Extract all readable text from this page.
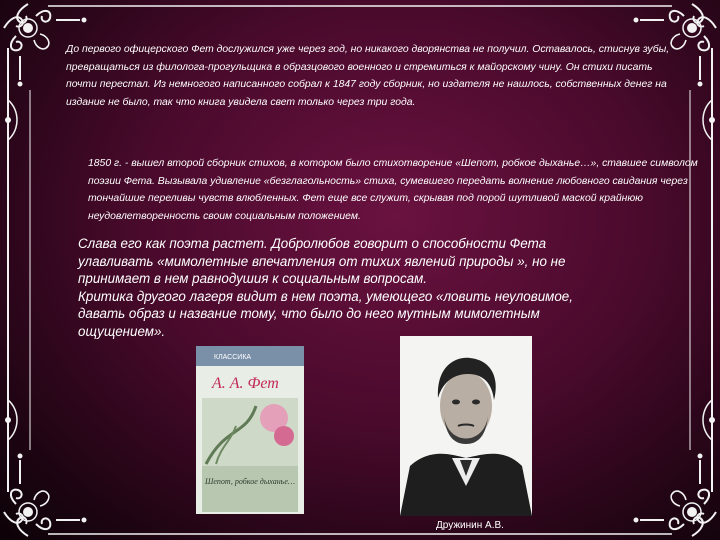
До первого офицерского Фет дослужился уже через год, но никакого дворянства не получил. Оставалось, стиснув зубы, превращаться из филолога-прогульщика в образцового военного и стремиться к майорскому чину. Он стихи писать почти перестал. Из немногого написанного собрал к 1847 году сборник, но издателя не нашлось, собственных денег на издание не было, так что книга увидела свет только через три года.
1850 г. - вышел второй сборник стихов, в котором было стихотворение «Шепот, робкое дыханье…», ставшее символом поэзии Фета. Вызывала удивление «безглагольность» стиха, сумевшего передать волнение любовного свидания через тончайшие переливы чувств влюбленных. Фет еще все служит, скрывая под порой шутливой маской крайнюю неудовлетворенность своим социальным положением.
Слава его как поэта растет. Добролюбов говорит о способности Фета улавливать «мимолетные впечатления от тихих явлений природы », но не принимает в нем равнодушия к социальным вопросам.
Критика другого лагеря видит в нем поэта, умеющего «ловить неуловимое, давать образ и название тому, что было до него мутным мимолетным ощущением».
КЛАССИКА
А. А. Фет
Шепот, робкое дыханье…
Дружинин А.В.
